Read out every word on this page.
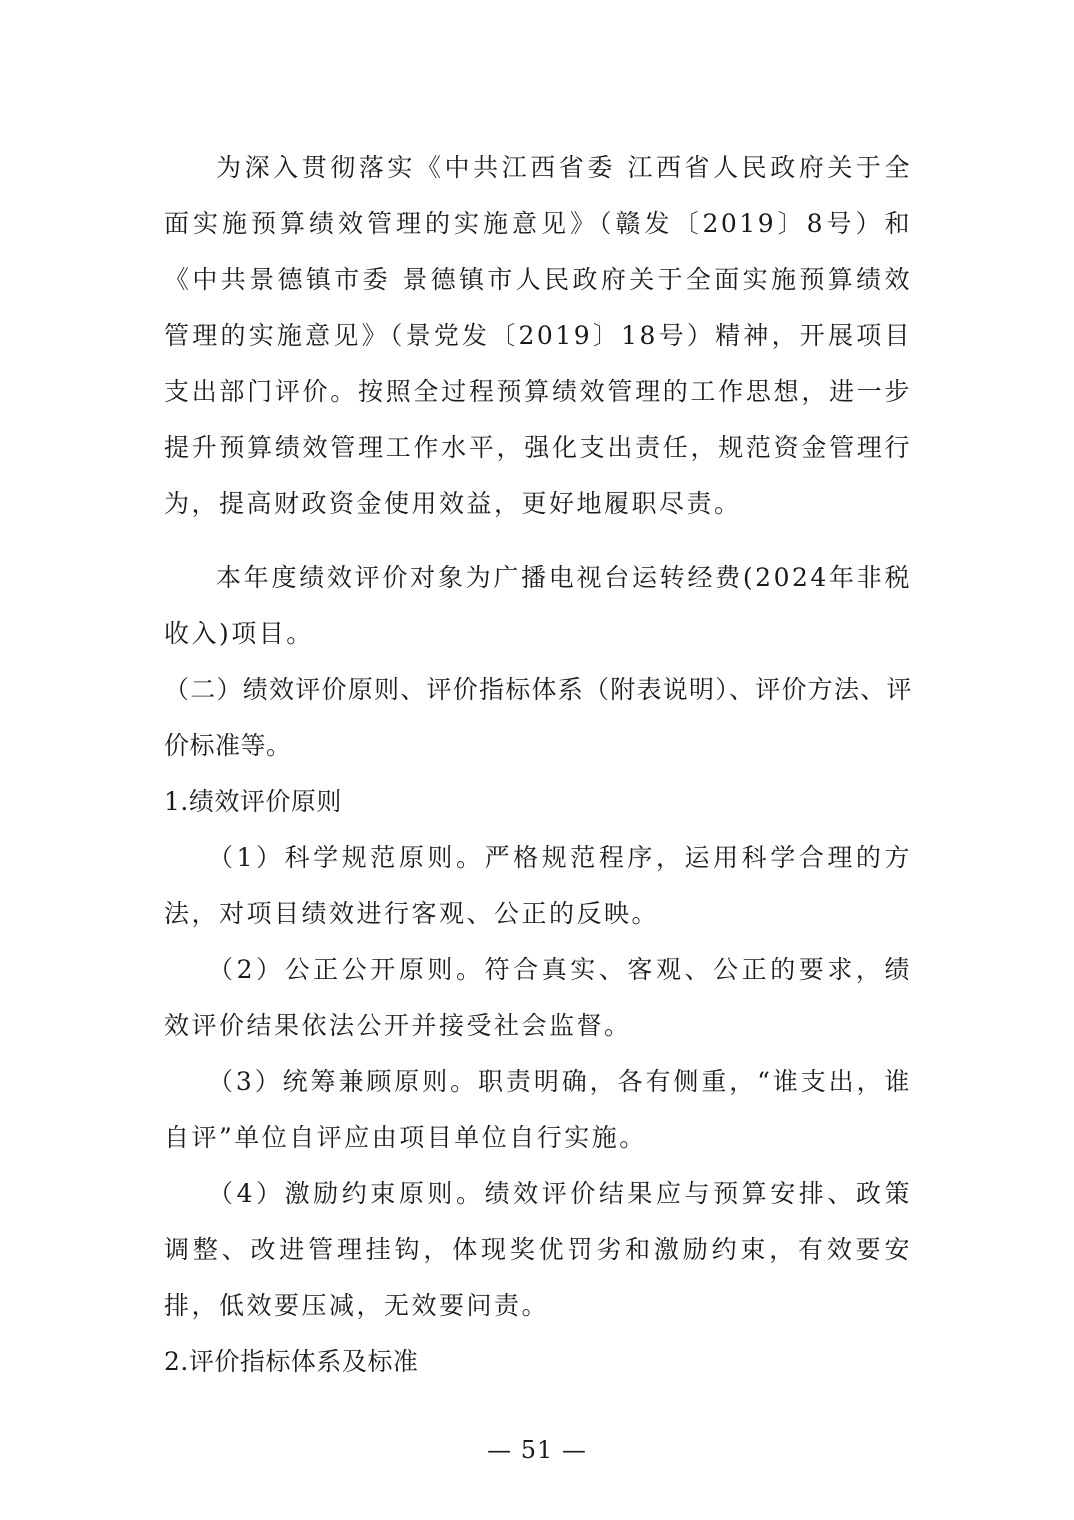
为深入贯彻落实《中共江西省委 江西省人民政府关于全面实施预算绩效管理的实施意见》（赣发〔2019〕8号）和《中共景德镇市委 景德镇市人民政府关于全面实施预算绩效管理的实施意见》（景党发〔2019〕18号）精神，开展项目支出部门评价。按照全过程预算绩效管理的工作思想，进一步提升预算绩效管理工作水平，强化支出责任，规范资金管理行为，提高财政资金使用效益，更好地履职尽责。

本年度绩效评价对象为广播电视台运转经费(2024年非税收入)项目。

（二）绩效评价原则、评价指标体系（附表说明）、评价方法、评价标准等。

1.绩效评价原则

（1）科学规范原则。严格规范程序，运用科学合理的方法，对项目绩效进行客观、公正的反映。

（2）公正公开原则。符合真实、客观、公正的要求，绩效评价结果依法公开并接受社会监督。

（3）统筹兼顾原则。职责明确，各有侧重，“谁支出，谁自评”单位自评应由项目单位自行实施。

（4）激励约束原则。绩效评价结果应与预算安排、政策调整、改进管理挂钩，体现奖优罚劣和激励约束，有效要安排，低效要压减，无效要问责。

2.评价指标体系及标准

— 51 —
